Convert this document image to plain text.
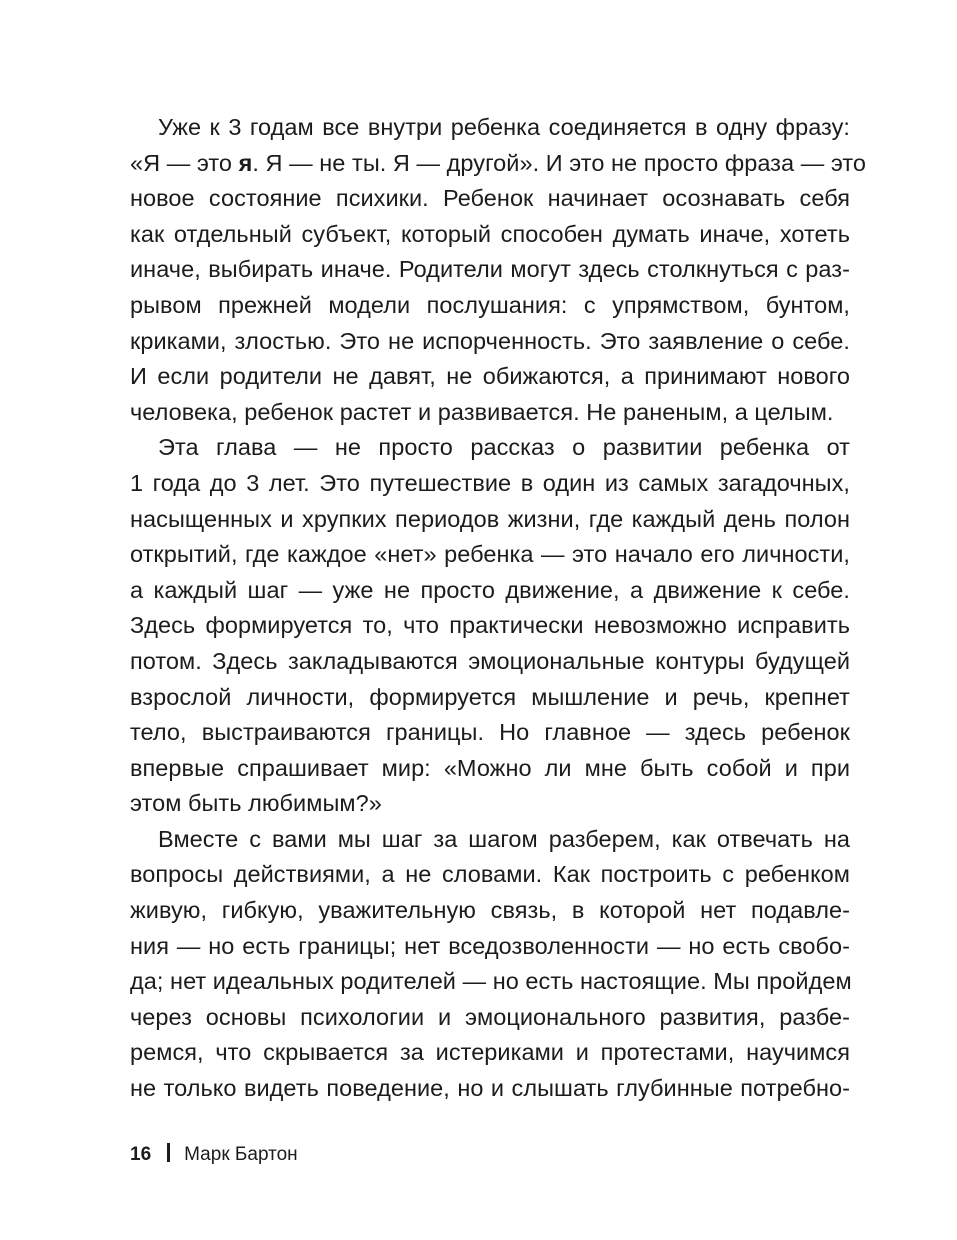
Уже к 3 годам все внутри ребенка соединяется в одну фразу:
«Я — это я. Я — не ты. Я — другой». И это не просто фраза — это
новое состояние психики. Ребенок начинает осознавать себя
как отдельный субъект, который способен думать иначе, хотеть
иначе, выбирать иначе. Родители могут здесь столкнуться с раз-
рывом прежней модели послушания: с упрямством, бунтом,
криками, злостью. Это не испорченность. Это заявление о себе.
И если родители не давят, не обижаются, а принимают нового
человека, ребенок растет и развивается. Не раненым, а целым.
Эта глава — не просто рассказ о развитии ребенка от
1 года до 3 лет. Это путешествие в один из самых загадочных,
насыщенных и хрупких периодов жизни, где каждый день полон
открытий, где каждое «нет» ребенка — это начало его личности,
а каждый шаг — уже не просто движение, а движение к себе.
Здесь формируется то, что практически невозможно исправить
потом. Здесь закладываются эмоциональные контуры будущей
взрослой личности, формируется мышление и речь, крепнет
тело, выстраиваются границы. Но главное — здесь ребенок
впервые спрашивает мир: «Можно ли мне быть собой и при
этом быть любимым?»
Вместе с вами мы шаг за шагом разберем, как отвечать на
вопросы действиями, а не словами. Как построить с ребенком
живую, гибкую, уважительную связь, в которой нет подавле-
ния — но есть границы; нет вседозволенности — но есть свобо-
да; нет идеальных родителей — но есть настоящие. Мы пройдем
через основы психологии и эмоционального развития, разбе-
ремся, что скрывается за истериками и протестами, научимся
не только видеть поведение, но и слышать глубинные потребно-
16 Марк Бартон
